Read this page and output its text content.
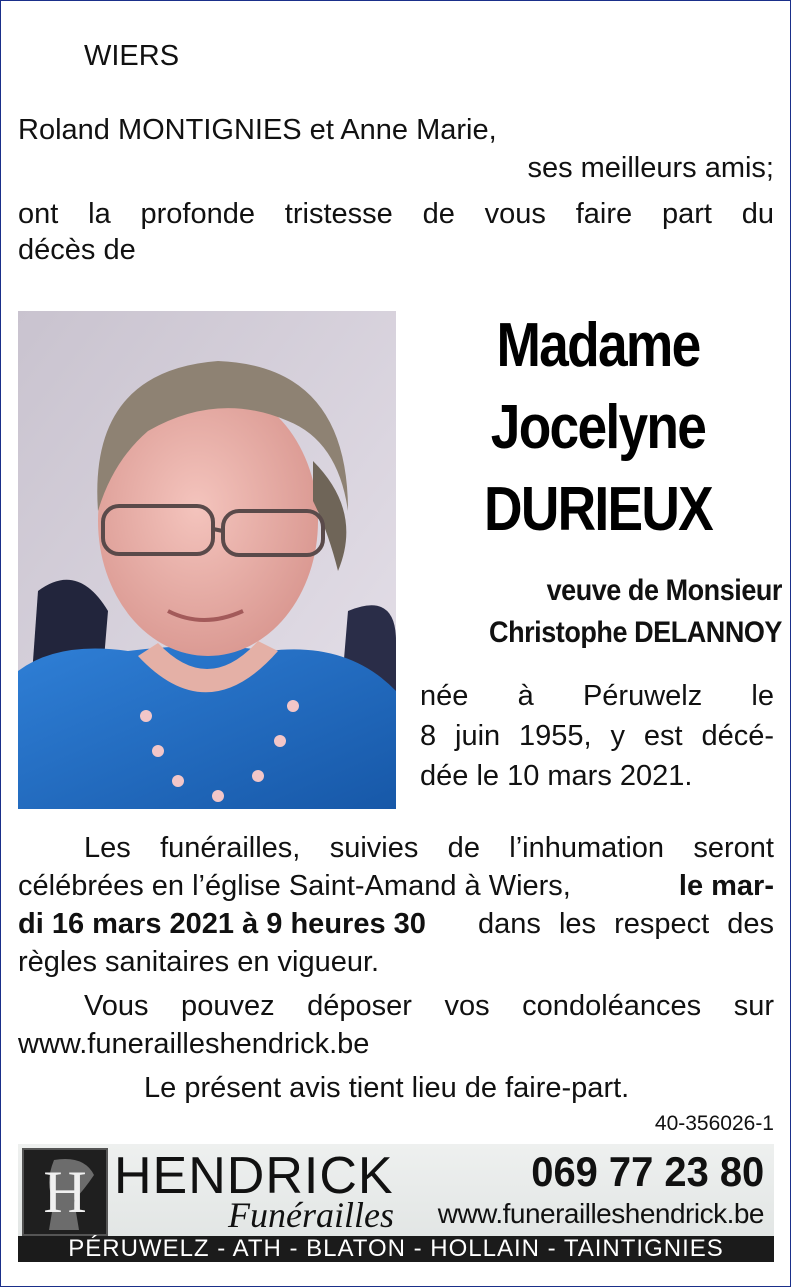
WIERS
Roland MONTIGNIES et Anne Marie,
ses meilleurs amis;
ont la profonde tristesse de vous faire part du
décès de
Madame
Jocelyne
DURIEUX
veuve de Monsieur
Christophe DELANNOY
née à Péruwelz le
8 juin 1955, y est décé-
dée le 10 mars 2021.
Les funérailles, suivies de l’inhumation seront
célébrées en l’église Saint-Amand à Wiers,	le mar-
di 16 mars 2021 à 9 heures 30 dans les respect des
règles sanitaires en vigueur.
Vous pouvez déposer vos condoléances sur
www.funerailleshendrick.be
Le présent avis tient lieu de faire-part.
40-356026-1
H HENDRICK
Funérailles
069 77 23 80
www.funerailleshendrick.be
PÉRUWELZ - ATH - BLATON - HOLLAIN - TAINTIGNIES
